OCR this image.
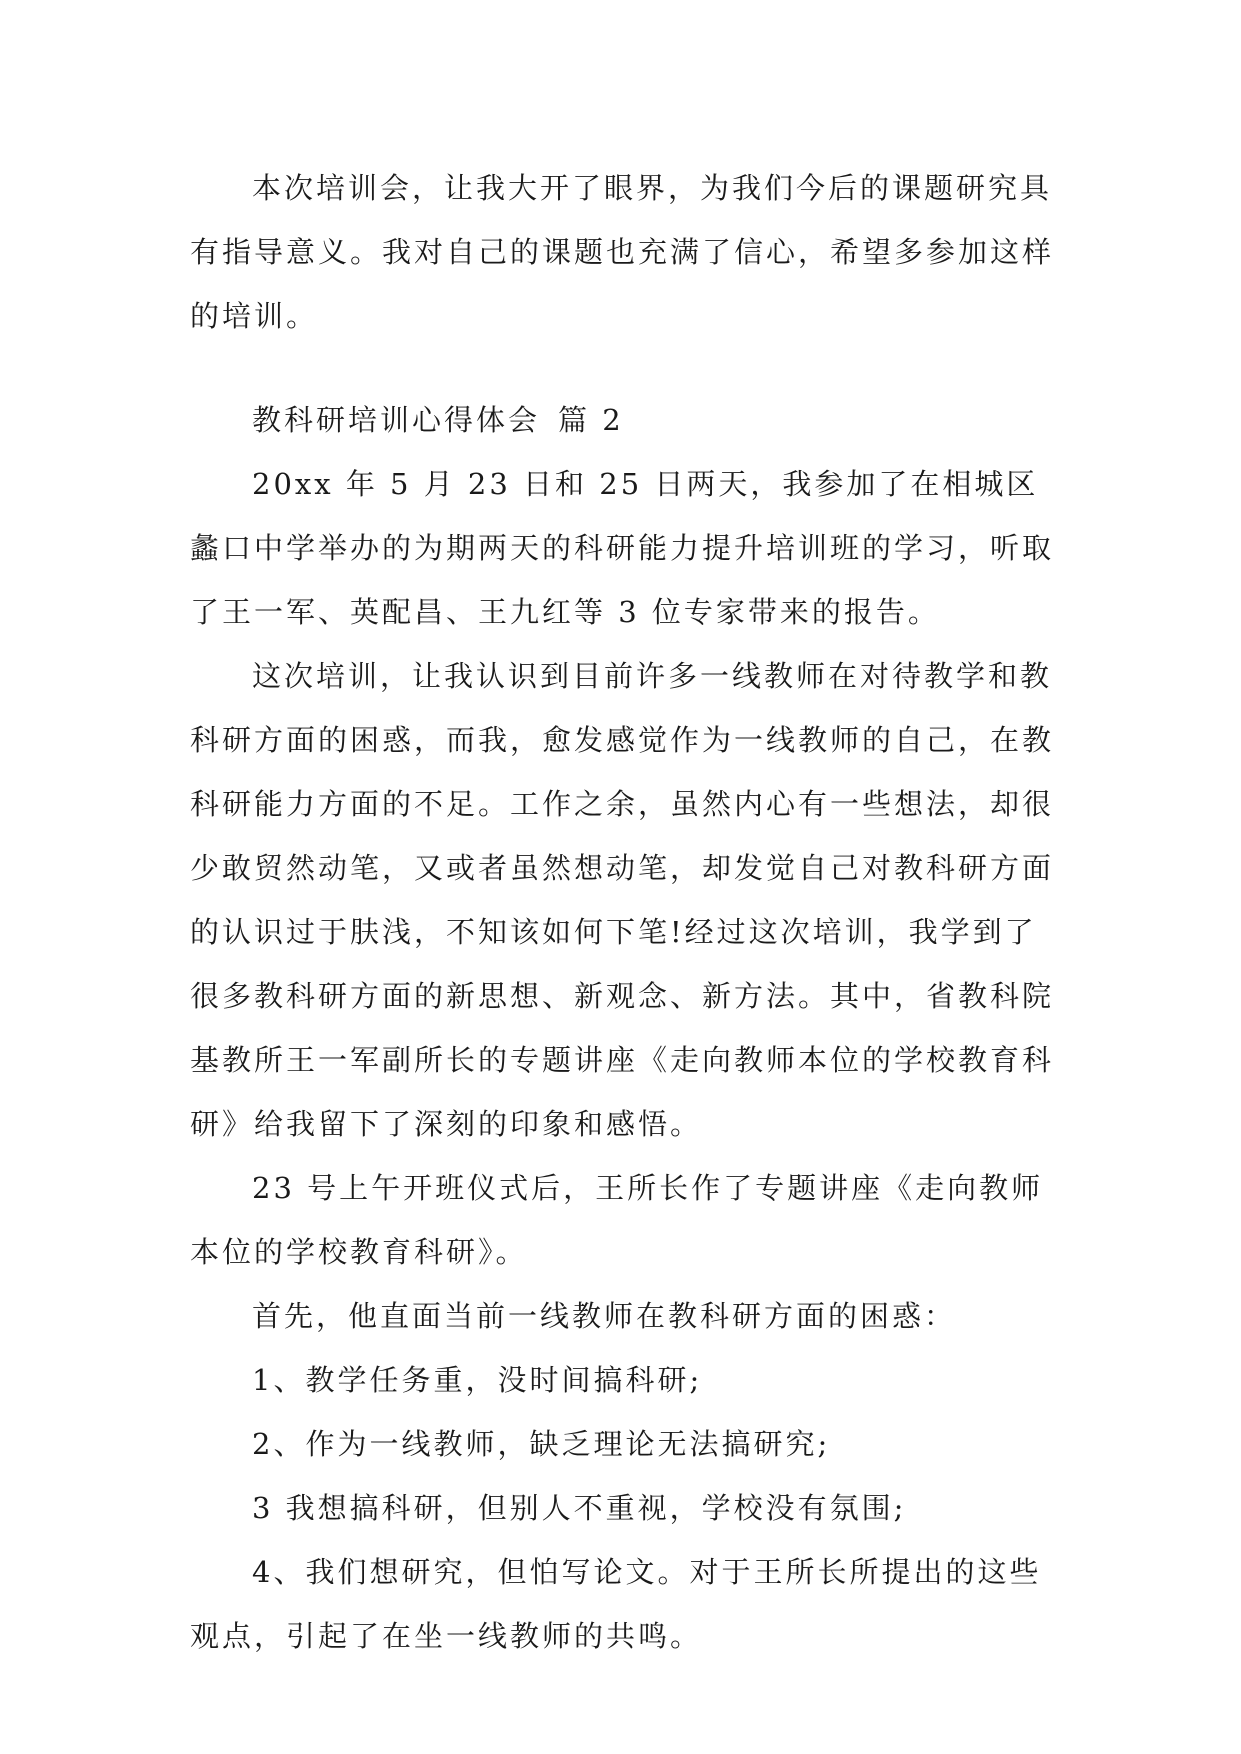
本次培训会，让我大开了眼界，为我们今后的课题研究具有指导意义。我对自己的课题也充满了信心，希望多参加这样的培训。

教科研培训心得体会 篇 2

20xx 年 5 月 23 日和 25 日两天，我参加了在相城区蠡口中学举办的为期两天的科研能力提升培训班的学习，听取了王一军、英配昌、王九红等 3 位专家带来的报告。

这次培训，让我认识到目前许多一线教师在对待教学和教科研方面的困惑，而我，愈发感觉作为一线教师的自己，在教科研能力方面的不足。工作之余，虽然内心有一些想法，却很少敢贸然动笔，又或者虽然想动笔，却发觉自己对教科研方面的认识过于肤浅，不知该如何下笔!经过这次培训，我学到了很多教科研方面的新思想、新观念、新方法。其中，省教科院基教所王一军副所长的专题讲座《走向教师本位的学校教育科研》给我留下了深刻的印象和感悟。

23 号上午开班仪式后，王所长作了专题讲座《走向教师本位的学校教育科研》。

首先，他直面当前一线教师在教科研方面的困惑：

1、教学任务重，没时间搞科研;

2、作为一线教师，缺乏理论无法搞研究;

3 我想搞科研，但别人不重视，学校没有氛围;

4、我们想研究，但怕写论文。对于王所长所提出的这些观点，引起了在坐一线教师的共鸣。
